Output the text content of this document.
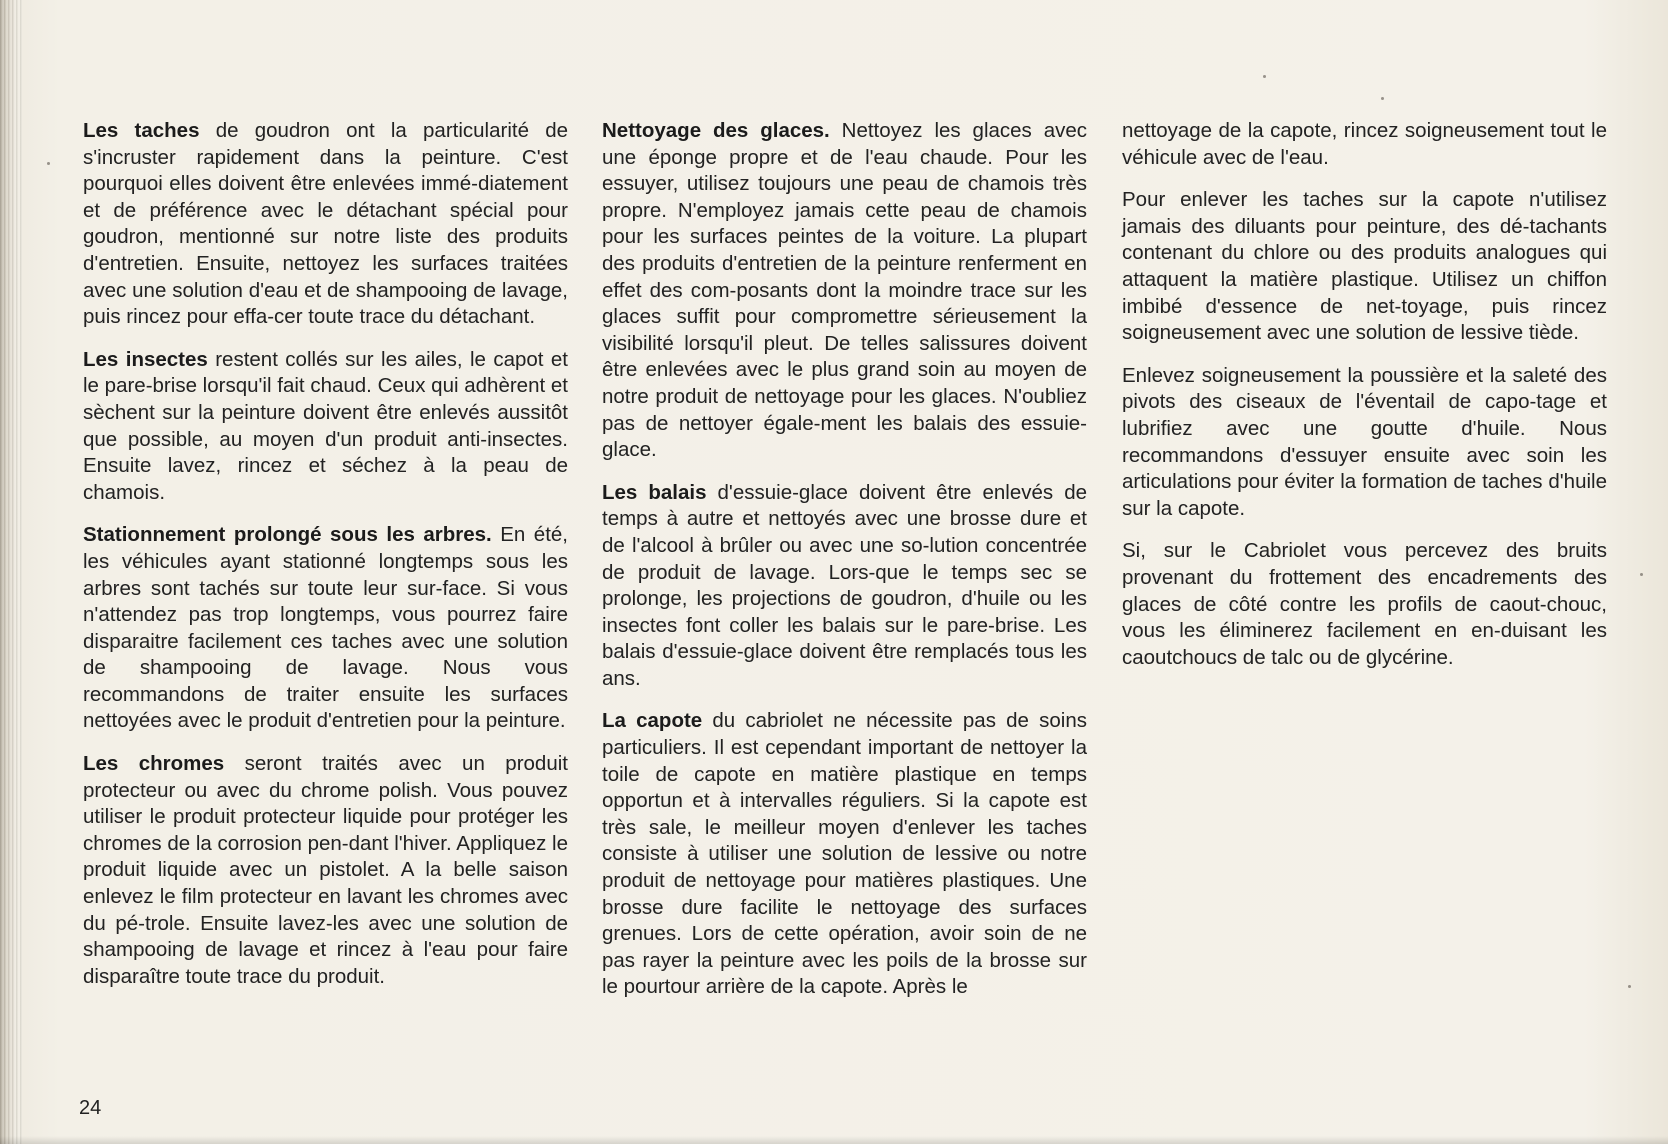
Les taches de goudron ont la particularité de s'incruster rapidement dans la peinture. C'est pourquoi elles doivent être enlevées immé-diatement et de préférence avec le détachant spécial pour goudron, mentionné sur notre liste des produits d'entretien. Ensuite, nettoyez les surfaces traitées avec une solution d'eau et de shampooing de lavage, puis rincez pour effa-cer toute trace du détachant.

Les insectes restent collés sur les ailes, le capot et le pare-brise lorsqu'il fait chaud. Ceux qui adhèrent et sèchent sur la peinture doivent être enlevés aussitôt que possible, au moyen d'un produit anti-insectes. Ensuite lavez, rincez et séchez à la peau de chamois.

Stationnement prolongé sous les arbres. En été, les véhicules ayant stationné longtemps sous les arbres sont tachés sur toute leur sur-face. Si vous n'attendez pas trop longtemps, vous pourrez faire disparaitre facilement ces taches avec une solution de shampooing de lavage. Nous vous recommandons de traiter ensuite les surfaces nettoyées avec le produit d'entretien pour la peinture.

Les chromes seront traités avec un produit protecteur ou avec du chrome polish. Vous pouvez utiliser le produit protecteur liquide pour protéger les chromes de la corrosion pen-dant l'hiver. Appliquez le produit liquide avec un pistolet. A la belle saison enlevez le film protecteur en lavant les chromes avec du pé-trole. Ensuite lavez-les avec une solution de shampooing de lavage et rincez à l'eau pour faire disparaître toute trace du produit.

Nettoyage des glaces. Nettoyez les glaces avec une éponge propre et de l'eau chaude. Pour les essuyer, utilisez toujours une peau de chamois très propre. N'employez jamais cette peau de chamois pour les surfaces peintes de la voiture. La plupart des produits d'entretien de la peinture renferment en effet des com-posants dont la moindre trace sur les glaces suffit pour compromettre sérieusement la visibilité lorsqu'il pleut. De telles salissures doivent être enlevées avec le plus grand soin au moyen de notre produit de nettoyage pour les glaces. N'oubliez pas de nettoyer égale-ment les balais des essuie-glace.

Les balais d'essuie-glace doivent être enlevés de temps à autre et nettoyés avec une brosse dure et de l'alcool à brûler ou avec une so-lution concentrée de produit de lavage. Lors-que le temps sec se prolonge, les projections de goudron, d'huile ou les insectes font coller les balais sur le pare-brise. Les balais d'essuie-glace doivent être remplacés tous les ans.

La capote du cabriolet ne nécessite pas de soins particuliers. Il est cependant important de nettoyer la toile de capote en matière plastique en temps opportun et à intervalles réguliers. Si la capote est très sale, le meilleur moyen d'enlever les taches consiste à utiliser une solution de lessive ou notre produit de nettoyage pour matières plastiques. Une brosse dure facilite le nettoyage des surfaces grenues. Lors de cette opération, avoir soin de ne pas rayer la peinture avec les poils de la brosse sur le pourtour arrière de la capote. Après le

nettoyage de la capote, rincez soigneusement tout le véhicule avec de l'eau.

Pour enlever les taches sur la capote n'utilisez jamais des diluants pour peinture, des dé-tachants contenant du chlore ou des produits analogues qui attaquent la matière plastique. Utilisez un chiffon imbibé d'essence de net-toyage, puis rincez soigneusement avec une solution de lessive tiède.

Enlevez soigneusement la poussière et la saleté des pivots des ciseaux de l'éventail de capo-tage et lubrifiez avec une goutte d'huile. Nous recommandons d'essuyer ensuite avec soin les articulations pour éviter la formation de taches d'huile sur la capote.

Si, sur le Cabriolet vous percevez des bruits provenant du frottement des encadrements des glaces de côté contre les profils de caout-chouc, vous les éliminerez facilement en en-duisant les caoutchoucs de talc ou de glycérine.

24
